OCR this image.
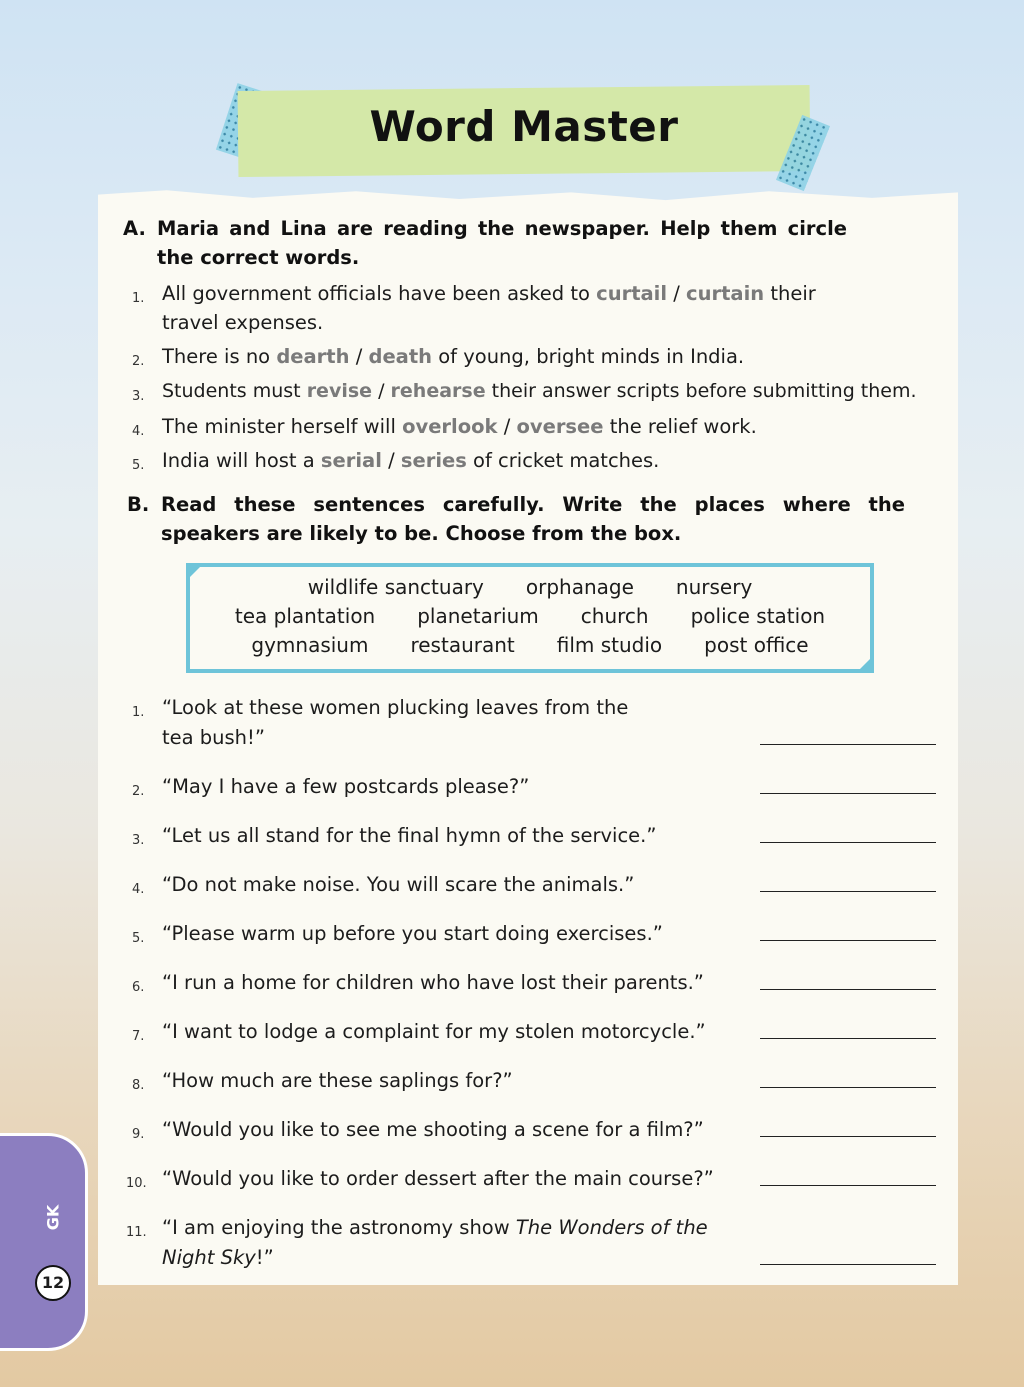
Word Master
A. Maria and Lina are reading the newspaper. Help them circle the correct words.
1. All government officials have been asked to curtail / curtain their
travel expenses.
2. There is no dearth / death of young, bright minds in India.
3. Students must revise / rehearse their answer scripts before submitting them.
4. The minister herself will overlook / oversee the relief work.
5. India will host a serial / series of cricket matches.
B. Read these sentences carefully. Write the places where the speakers are likely to be. Choose from the box.
wildlife sanctuary orphanage nursery
tea plantation planetarium church police station
gymnasium restaurant film studio post office
1. “Look at these women plucking leaves from the
tea bush!”
2. “May I have a few postcards please?”
3. “Let us all stand for the final hymn of the service.”
4. “Do not make noise. You will scare the animals.”
5. “Please warm up before you start doing exercises.”
6. “I run a home for children who have lost their parents.”
7. “I want to lodge a complaint for my stolen motorcycle.”
8. “How much are these saplings for?”
9. “Would you like to see me shooting a scene for a film?”
10. “Would you like to order dessert after the main course?”
11. “I am enjoying the astronomy show The Wonders of the
Night Sky!”
GK
12
